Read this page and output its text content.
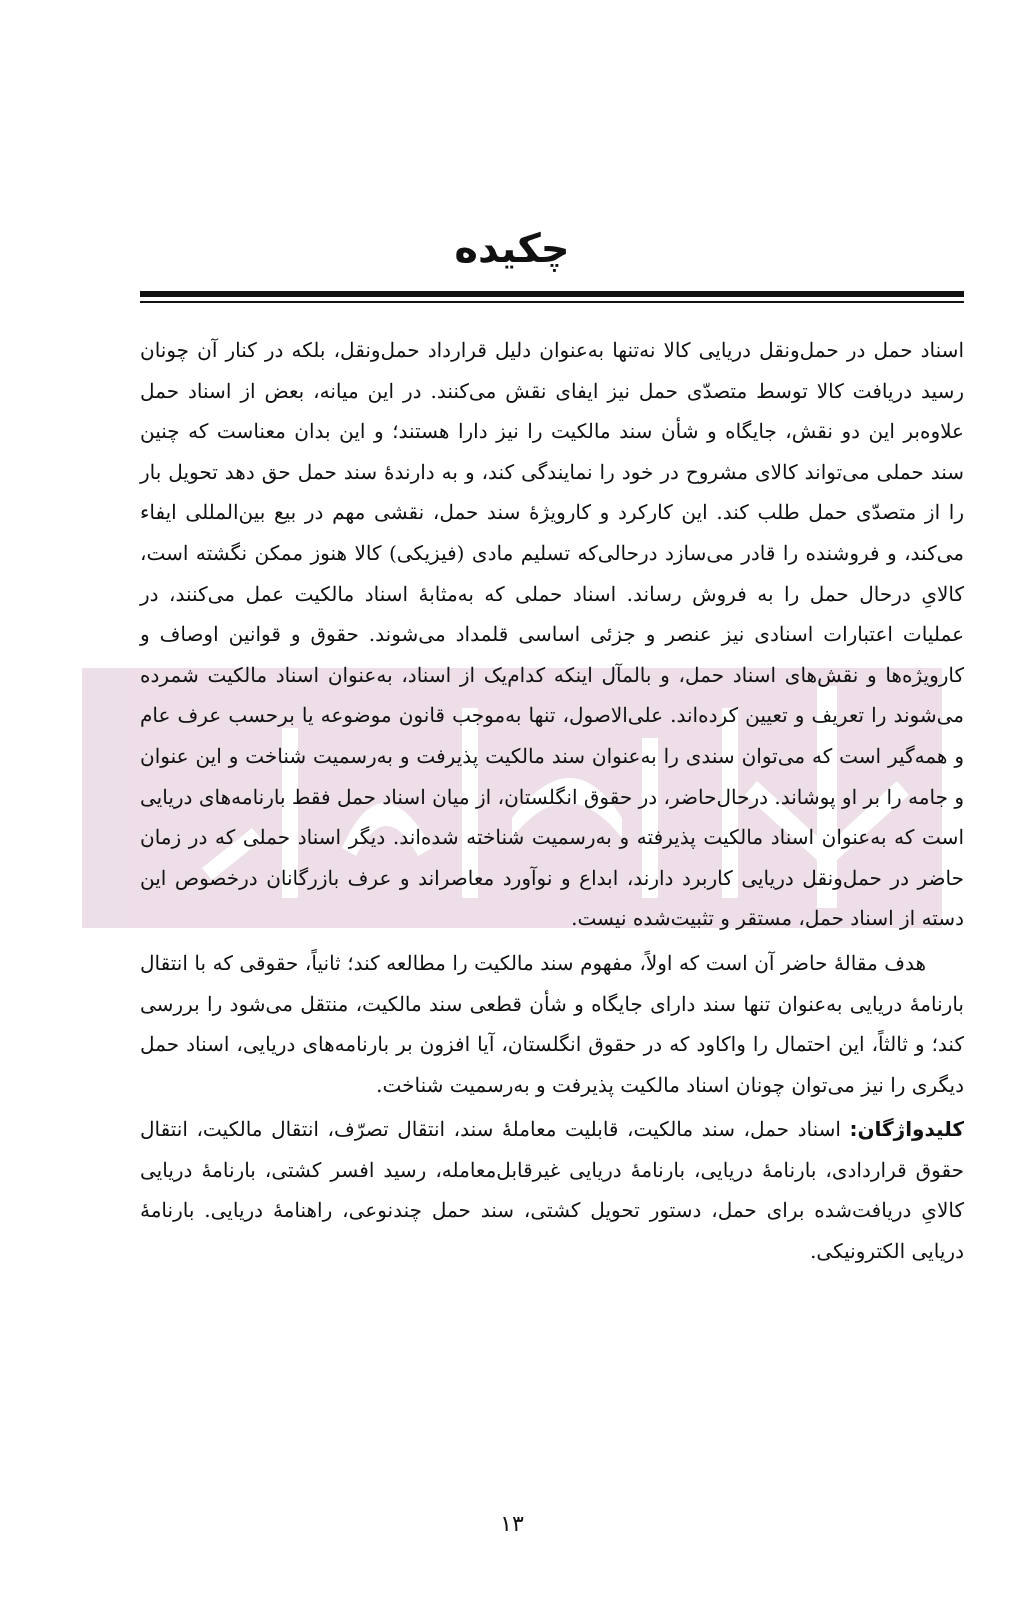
چکیده

اسناد حمل در حمل‌ونقل دریایی کالا نه‌تنها به‌عنوان دلیل قرارداد حمل‌ونقل، بلکه در کنار آن چونان رسید دریافت کالا توسط متصدّی حمل نیز ایفای نقش می‌کنند. در این میانه، بعض از اسناد حمل علاوه‌بر این دو نقش، جایگاه و شأن سند مالکیت را نیز دارا هستند؛ و این بدان معناست که چنین سند حملی می‌تواند کالای مشروح در خود را نمایندگی کند، و به دارندهٔ سند حمل حق دهد تحویل بار را از متصدّی حمل طلب کند. این کارکرد و کارویژهٔ سند حمل، نقشی مهم در بیع بین‌المللی ایفاء می‌کند، و فروشنده را قادر می‌سازد درحالی‌که تسلیم مادی (فیزیکی) کالا هنوز ممکن نگشته است، کالایِ درحال حمل را به فروش رساند. اسناد حملی که به‌مثابهٔ اسناد مالکیت عمل می‌کنند، در عملیات اعتبارات اسنادی نیز عنصر و جزئی اساسی قلمداد می‌شوند. حقوق و قوانین اوصاف و کارویژه‌ها و نقش‌های اسناد حمل، و بالمآل اینکه کدام‌یک از اسناد، به‌عنوان اسناد مالکیت شمرده می‌شوند را تعریف و تعیین کرده‌اند. علی‌الاصول، تنها به‌موجب قانون موضوعه یا برحسب عرف عام و همه‌گیر است که می‌توان سندی را به‌عنوان سند مالکیت پذیرفت و به‌رسمیت شناخت و این عنوان و جامه را بر او پوشاند. درحال‌حاضر، در حقوق انگلستان، از میان اسناد حمل فقط بارنامه‌های دریایی است که به‌عنوان اسناد مالکیت پذیرفته و به‌رسمیت شناخته شده‌اند. دیگر اسناد حملی که در زمان حاضر در حمل‌ونقل دریایی کاربرد دارند، ابداع و نوآورد معاصراند و عرف بازرگانان درخصوص این دسته از اسناد حمل، مستقر و تثبیت‌شده نیست.

هدف مقالهٔ حاضر آن است که اولاً، مفهوم سند مالکیت را مطالعه کند؛ ثانیاً، حقوقی که با انتقال بارنامهٔ دریایی به‌عنوان تنها سند دارای جایگاه و شأن قطعی سند مالکیت، منتقل می‌شود را بررسی کند؛ و ثالثاً، این احتمال را واکاود که در حقوق انگلستان، آیا افزون بر بارنامه‌های دریایی، اسناد حمل دیگری را نیز می‌توان چونان اسناد مالکیت پذیرفت و به‌رسمیت شناخت.

کلیدواژگان: اسناد حمل، سند مالکیت، قابلیت معاملهٔ سند، انتقال تصرّف، انتقال مالکیت، انتقال حقوق قراردادی، بارنامهٔ دریایی، بارنامهٔ دریایی غیرقابل‌معامله، رسید افسر کشتی، بارنامهٔ دریایی کالایِ دریافت‌شده برای حمل، دستور تحویل کشتی، سند حمل چندنوعی، راهنامهٔ دریایی. بارنامهٔ دریایی الکترونیکی.

۱۳
